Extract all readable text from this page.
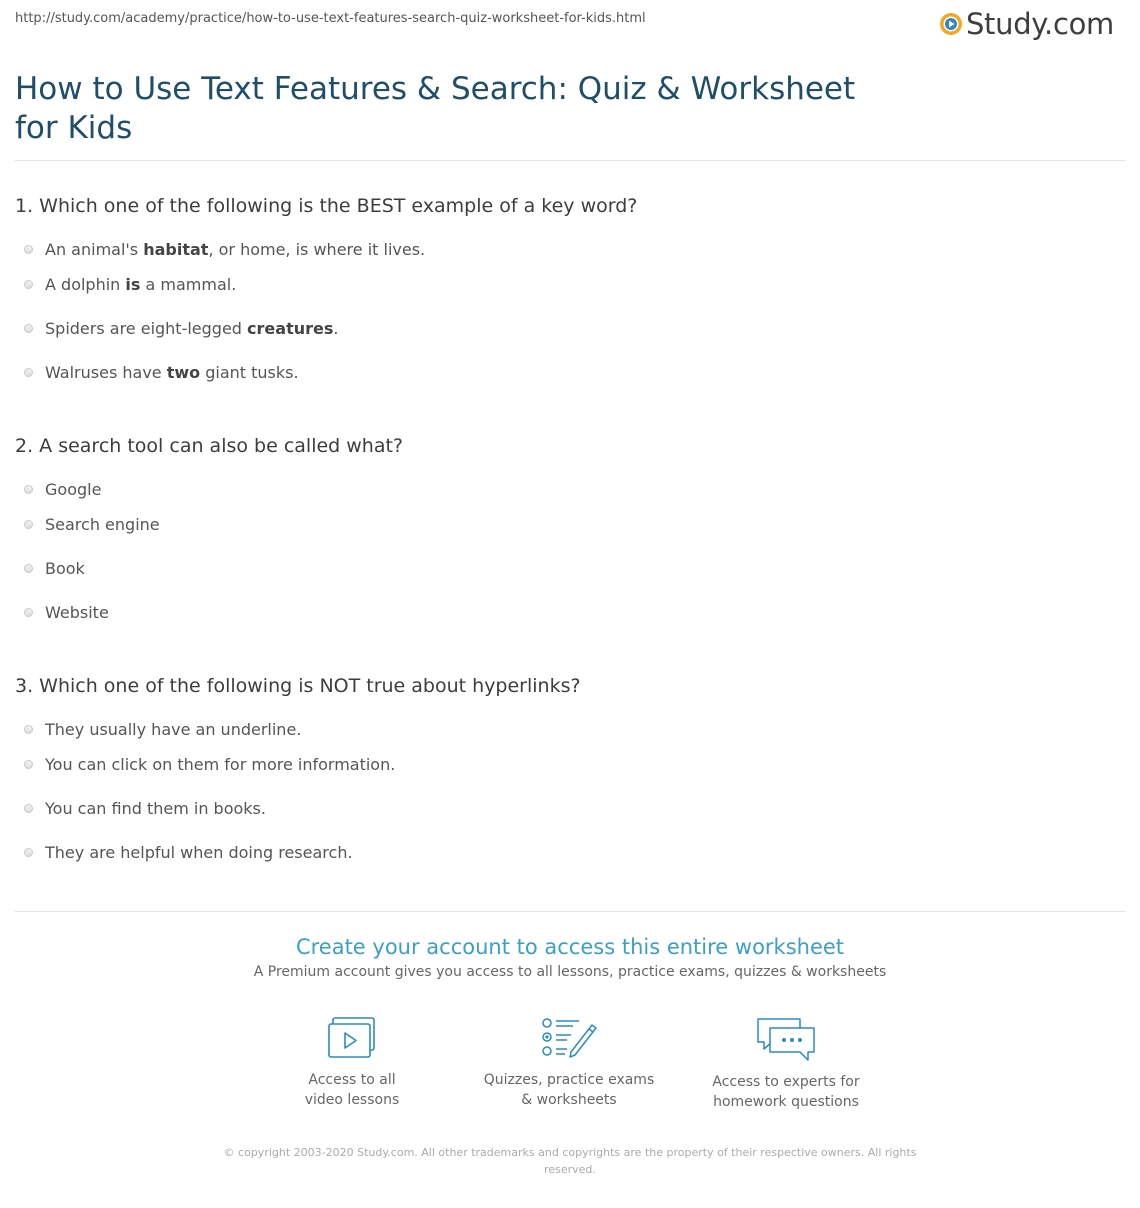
http://study.com/academy/practice/how-to-use-text-features-search-quiz-worksheet-for-kids.html	Study.com
How to Use Text Features & Search: Quiz & Worksheet for Kids
1. Which one of the following is the BEST example of a key word?
An animal's habitat, or home, is where it lives.
A dolphin is a mammal.
Spiders are eight-legged creatures.
Walruses have two giant tusks.
2. A search tool can also be called what?
Google
Search engine
Book
Website
3. Which one of the following is NOT true about hyperlinks?
They usually have an underline.
You can click on them for more information.
You can find them in books.
They are helpful when doing research.
Create your account to access this entire worksheet
A Premium account gives you access to all lessons, practice exams, quizzes & worksheets
Access to all
video lessons
Quizzes, practice exams
& worksheets
Access to experts for
homework questions
© copyright 2003-2020 Study.com. All other trademarks and copyrights are the property of their respective owners. All rights reserved.
